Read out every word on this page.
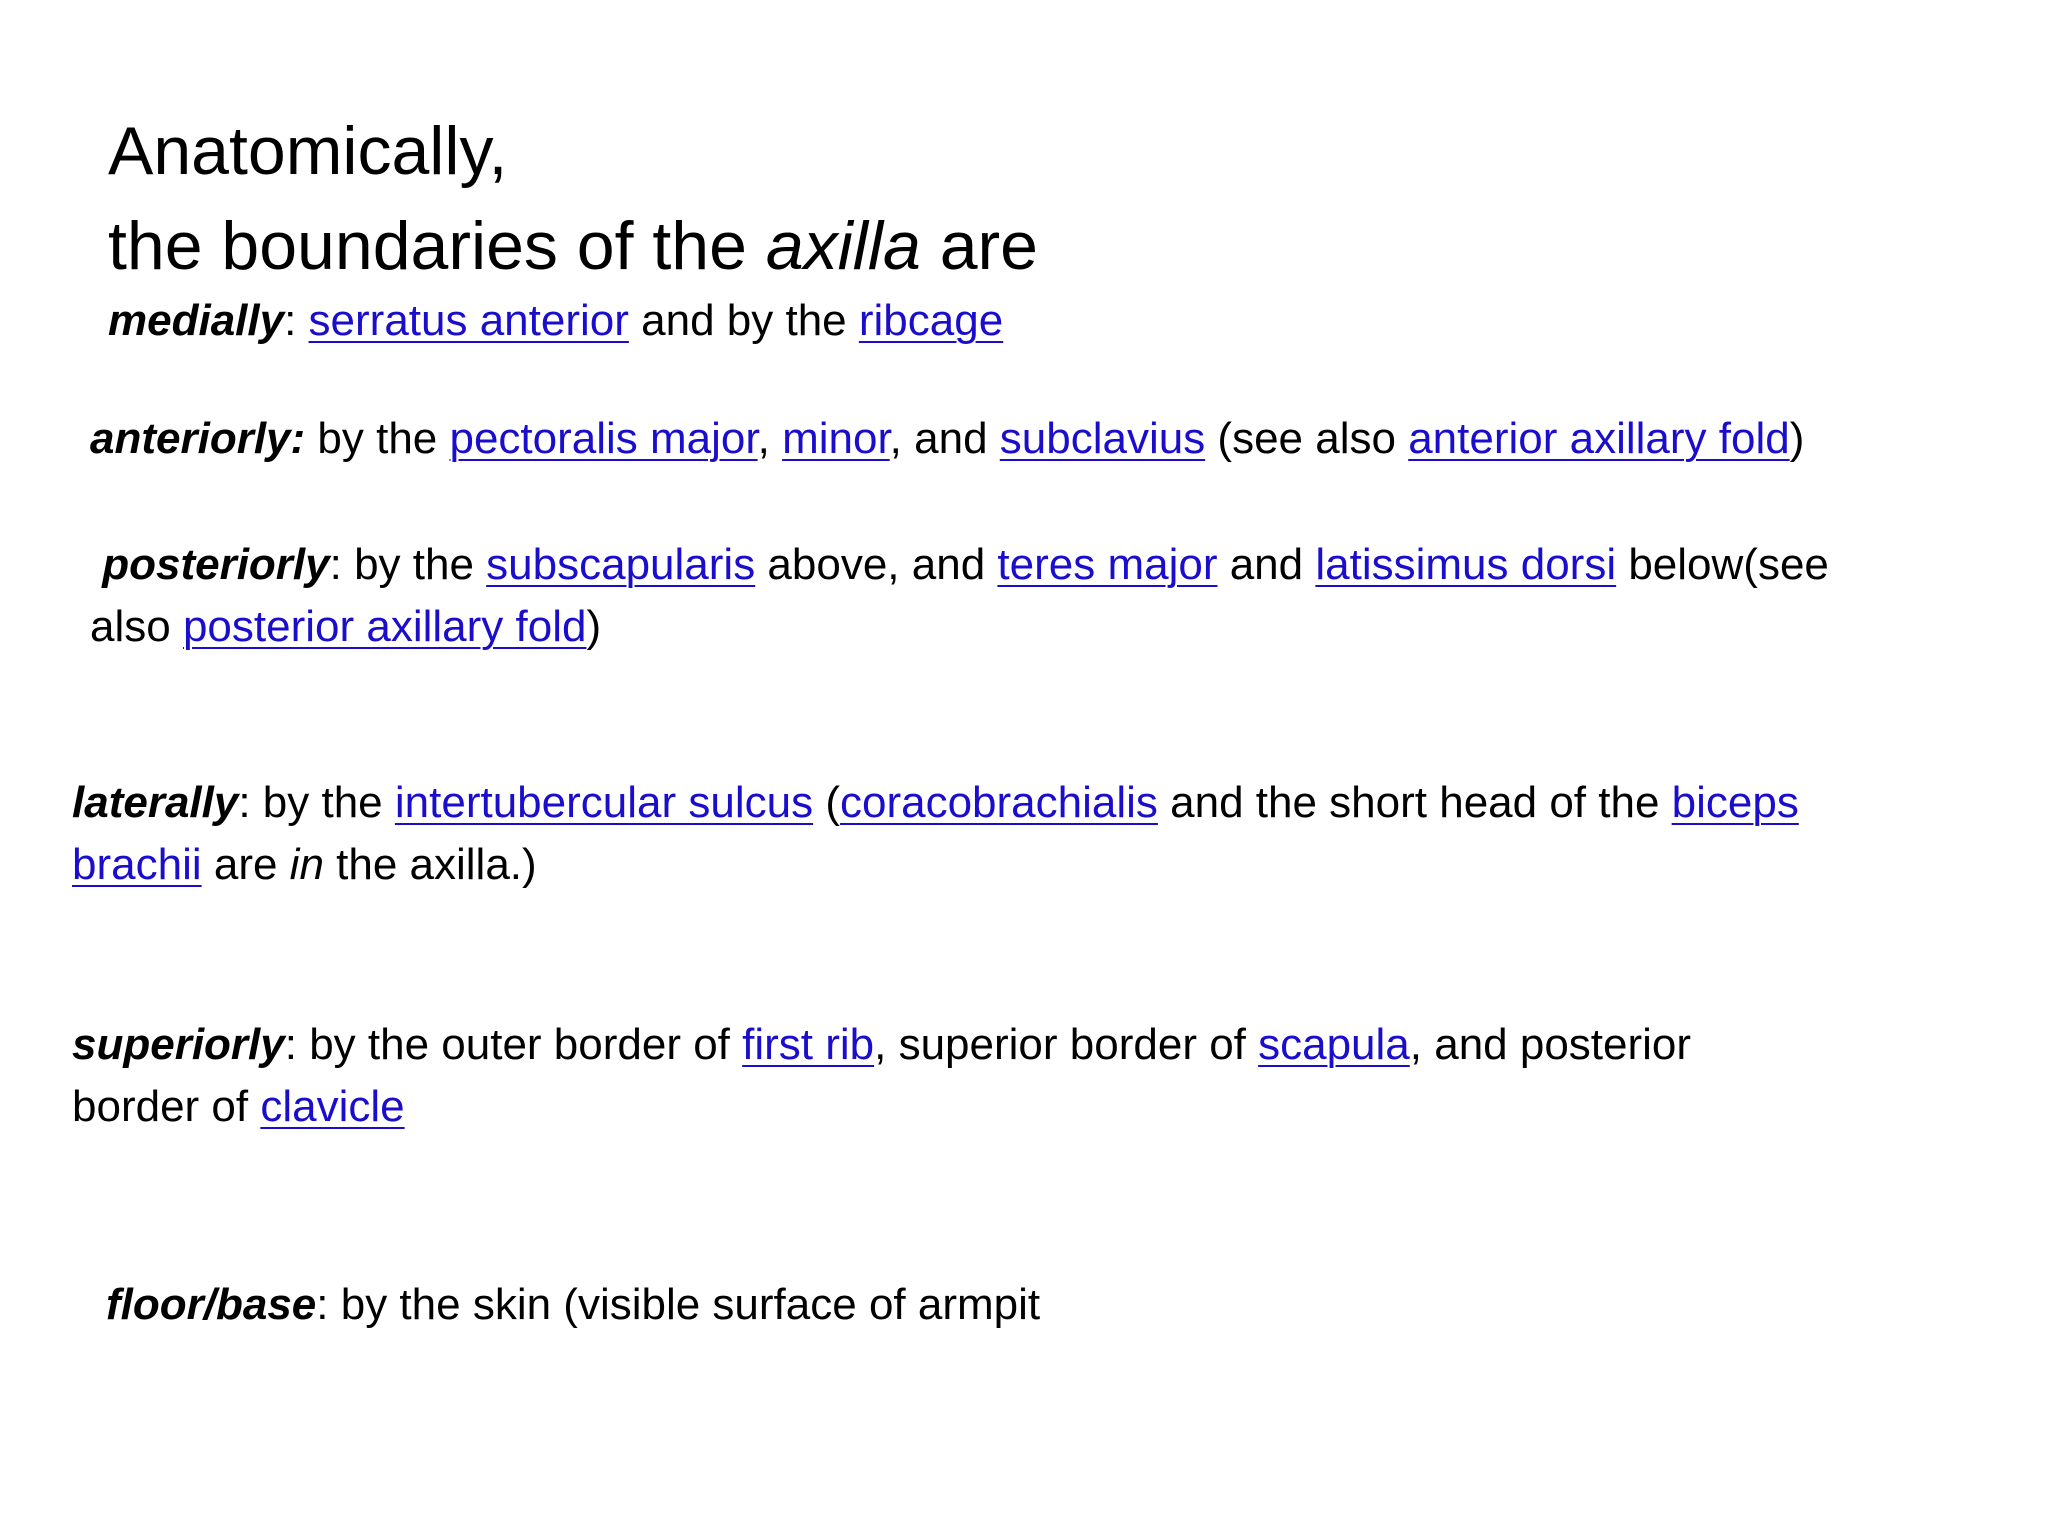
Anatomically,
the boundaries of the axilla are
medially: serratus anterior and by the ribcage
anteriorly: by the pectoralis major, minor, and subclavius (see also anterior axillary fold)
posteriorly: by the subscapularis above, and teres major and latissimus dorsi below(see
also posterior axillary fold)
laterally: by the intertubercular sulcus (coracobrachialis and the short head of the biceps
brachii are in the axilla.)
superiorly: by the outer border of first rib, superior border of scapula, and posterior
border of clavicle
floor/base: by the skin (visible surface of armpit
